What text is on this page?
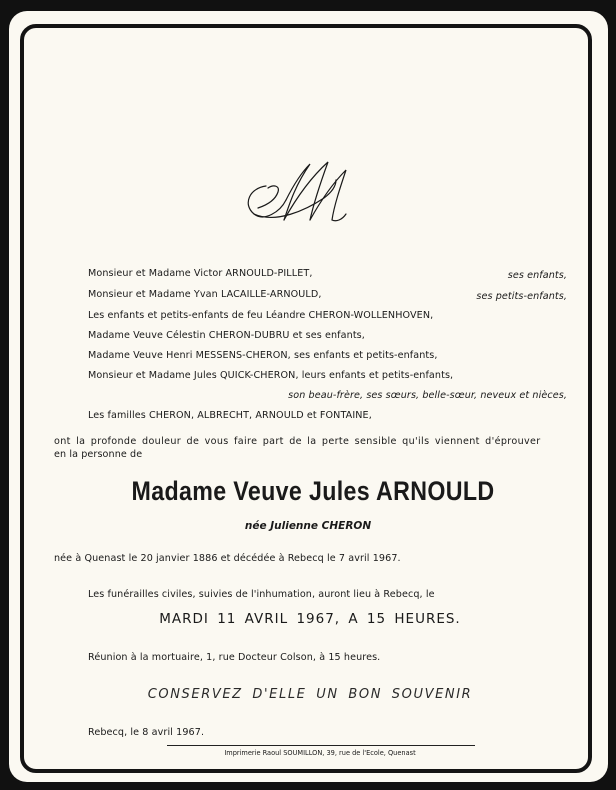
M
Monsieur et Madame Victor ARNOULD-PILLET,	ses enfants,
Monsieur et Madame Yvan LACAILLE-ARNOULD,	ses petits-enfants,
Les enfants et petits-enfants de feu Léandre CHERON-WOLLENHOVEN,
Madame Veuve Célestin CHERON-DUBRU et ses enfants,
Madame Veuve Henri MESSENS-CHERON, ses enfants et petits-enfants,
Monsieur et Madame Jules QUICK-CHERON, leurs enfants et petits-enfants,
son beau-frère, ses sœurs, belle-sœur, neveux et nièces,
Les familles CHERON, ALBRECHT, ARNOULD et FONTAINE,
ont la profonde douleur de vous faire part de la perte sensible qu'ils viennent d'éprouver
en la personne de
Madame Veuve Jules ARNOULD
née Julienne CHERON
née à Quenast le 20 janvier 1886 et décédée à Rebecq le 7 avril 1967.
Les funérailles civiles, suivies de l'inhumation, auront lieu à Rebecq, le
MARDI 11 AVRIL 1967, A 15 HEURES.
Réunion à la mortuaire, 1, rue Docteur Colson, à 15 heures.
CONSERVEZ D'ELLE UN BON SOUVENIR
Rebecq, le 8 avril 1967.
Imprimerie Raoul SOUMILLON, 39, rue de l'Ecole, Quenast
